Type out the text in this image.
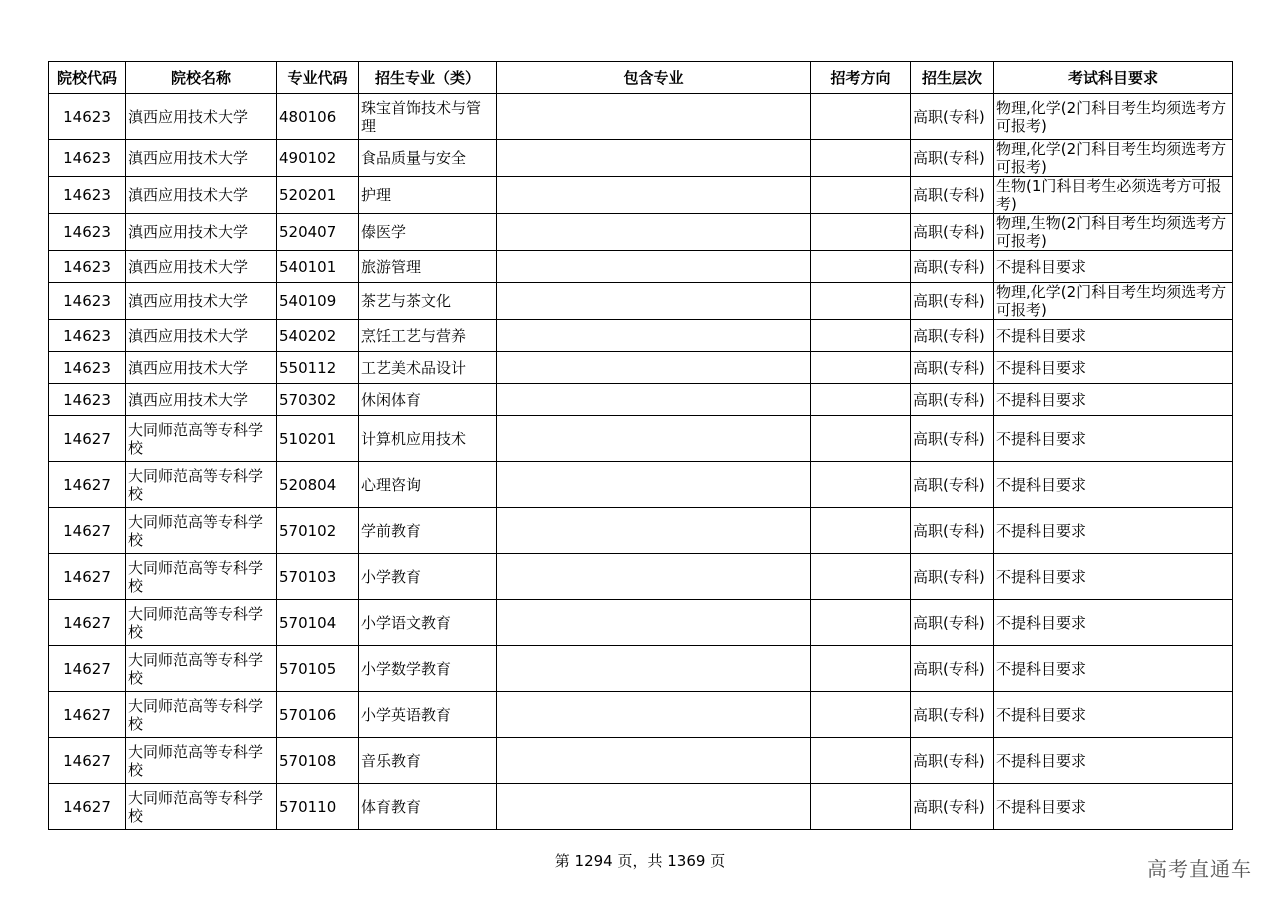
院校代码	院校名称	专业代码	招生专业（类）	包含专业	招考方向	招生层次	考试科目要求
14623	滇西应用技术大学	480106	珠宝首饰技术与管理			高职(专科)	物理,化学(2门科目考生均须选考方可报考)
14623	滇西应用技术大学	490102	食品质量与安全			高职(专科)	物理,化学(2门科目考生均须选考方可报考)
14623	滇西应用技术大学	520201	护理			高职(专科)	生物(1门科目考生必须选考方可报考)
14623	滇西应用技术大学	520407	傣医学			高职(专科)	物理,生物(2门科目考生均须选考方可报考)
14623	滇西应用技术大学	540101	旅游管理			高职(专科)	不提科目要求
14623	滇西应用技术大学	540109	茶艺与茶文化			高职(专科)	物理,化学(2门科目考生均须选考方可报考)
14623	滇西应用技术大学	540202	烹饪工艺与营养			高职(专科)	不提科目要求
14623	滇西应用技术大学	550112	工艺美术品设计			高职(专科)	不提科目要求
14623	滇西应用技术大学	570302	休闲体育			高职(专科)	不提科目要求
14627	大同师范高等专科学校	510201	计算机应用技术			高职(专科)	不提科目要求
14627	大同师范高等专科学校	520804	心理咨询			高职(专科)	不提科目要求
14627	大同师范高等专科学校	570102	学前教育			高职(专科)	不提科目要求
14627	大同师范高等专科学校	570103	小学教育			高职(专科)	不提科目要求
14627	大同师范高等专科学校	570104	小学语文教育			高职(专科)	不提科目要求
14627	大同师范高等专科学校	570105	小学数学教育			高职(专科)	不提科目要求
14627	大同师范高等专科学校	570106	小学英语教育			高职(专科)	不提科目要求
14627	大同师范高等专科学校	570108	音乐教育			高职(专科)	不提科目要求
14627	大同师范高等专科学校	570110	体育教育			高职(专科)	不提科目要求
第 1294 页，共 1369 页	高考直通车
